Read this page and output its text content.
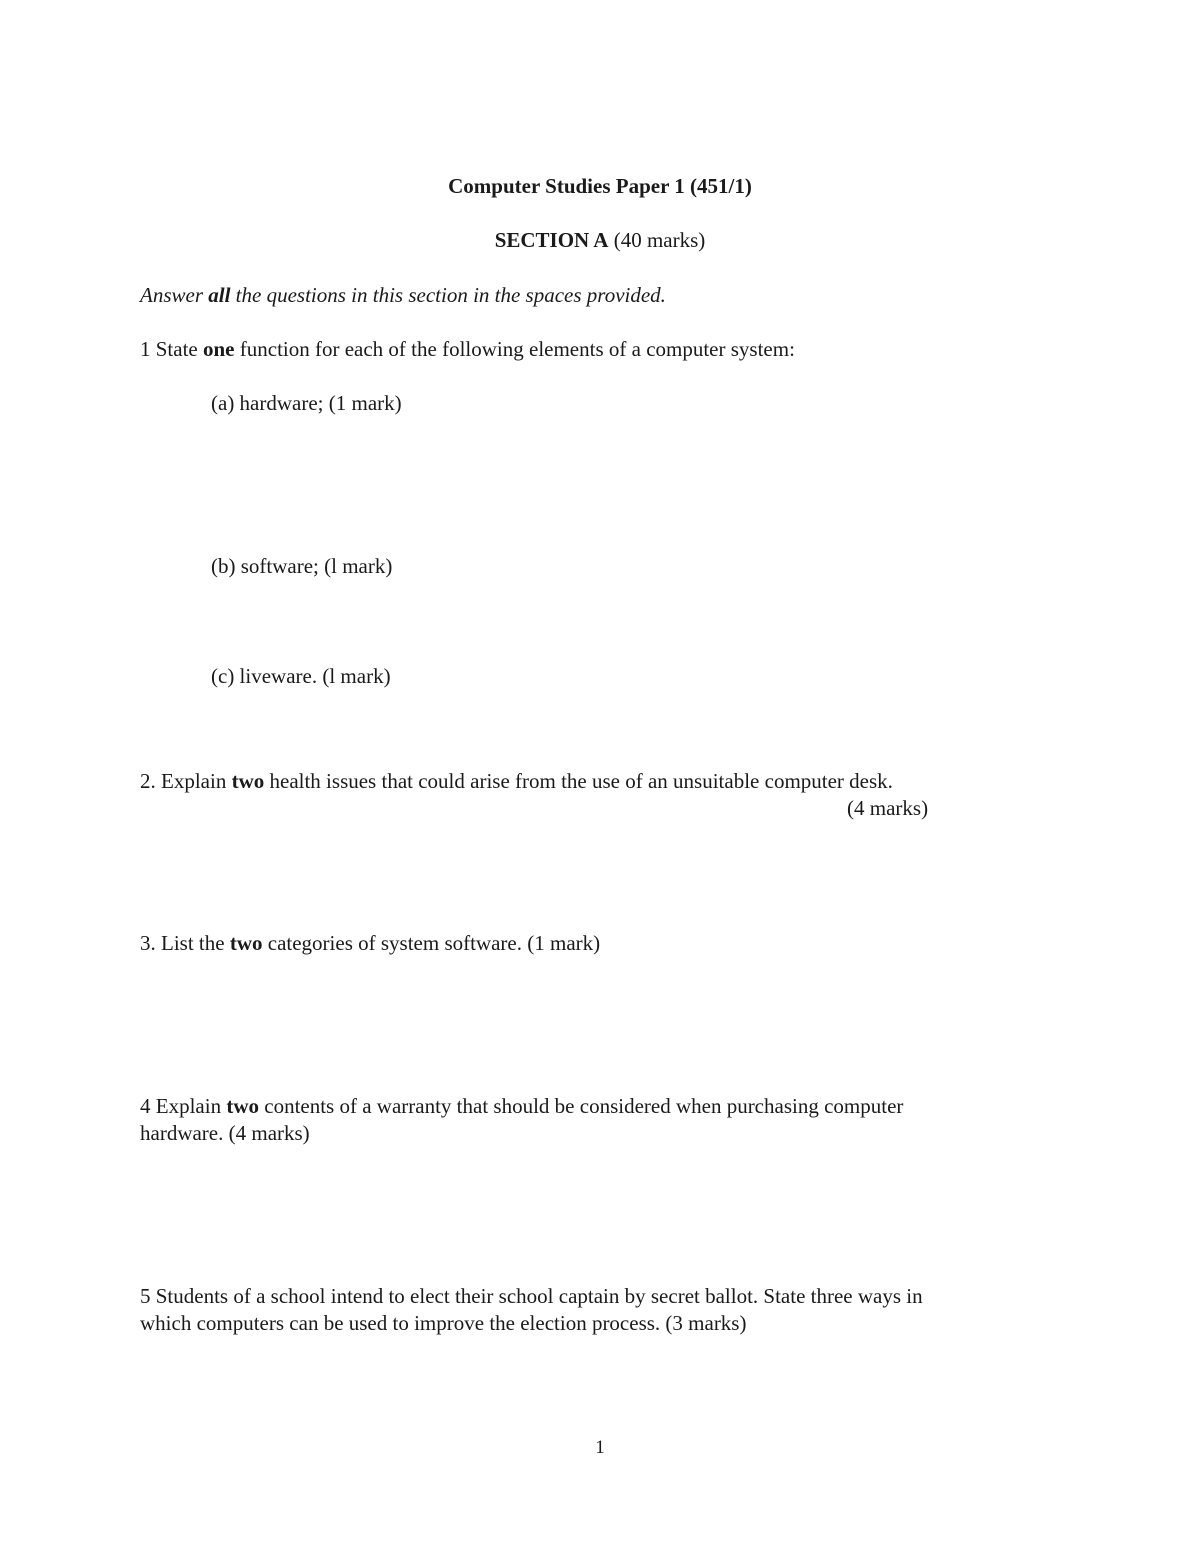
Computer Studies Paper 1 (451/1)
SECTION A (40 marks)
Answer all the questions in this section in the spaces provided.
1 State one function for each of the following elements of a computer system:
(a) hardware; (1 mark)
(b) software; (l mark)
(c) liveware. (l mark)
2. Explain two health issues that could arise from the use of an unsuitable computer desk.
(4 marks)
3. List the two categories of system software. (1 mark)
4 Explain two contents of a warranty that should be considered when purchasing computer
hardware. (4 marks)
5 Students of a school intend to elect their school captain by secret ballot. State three ways in
which computers can be used to improve the election process. (3 marks)
1
